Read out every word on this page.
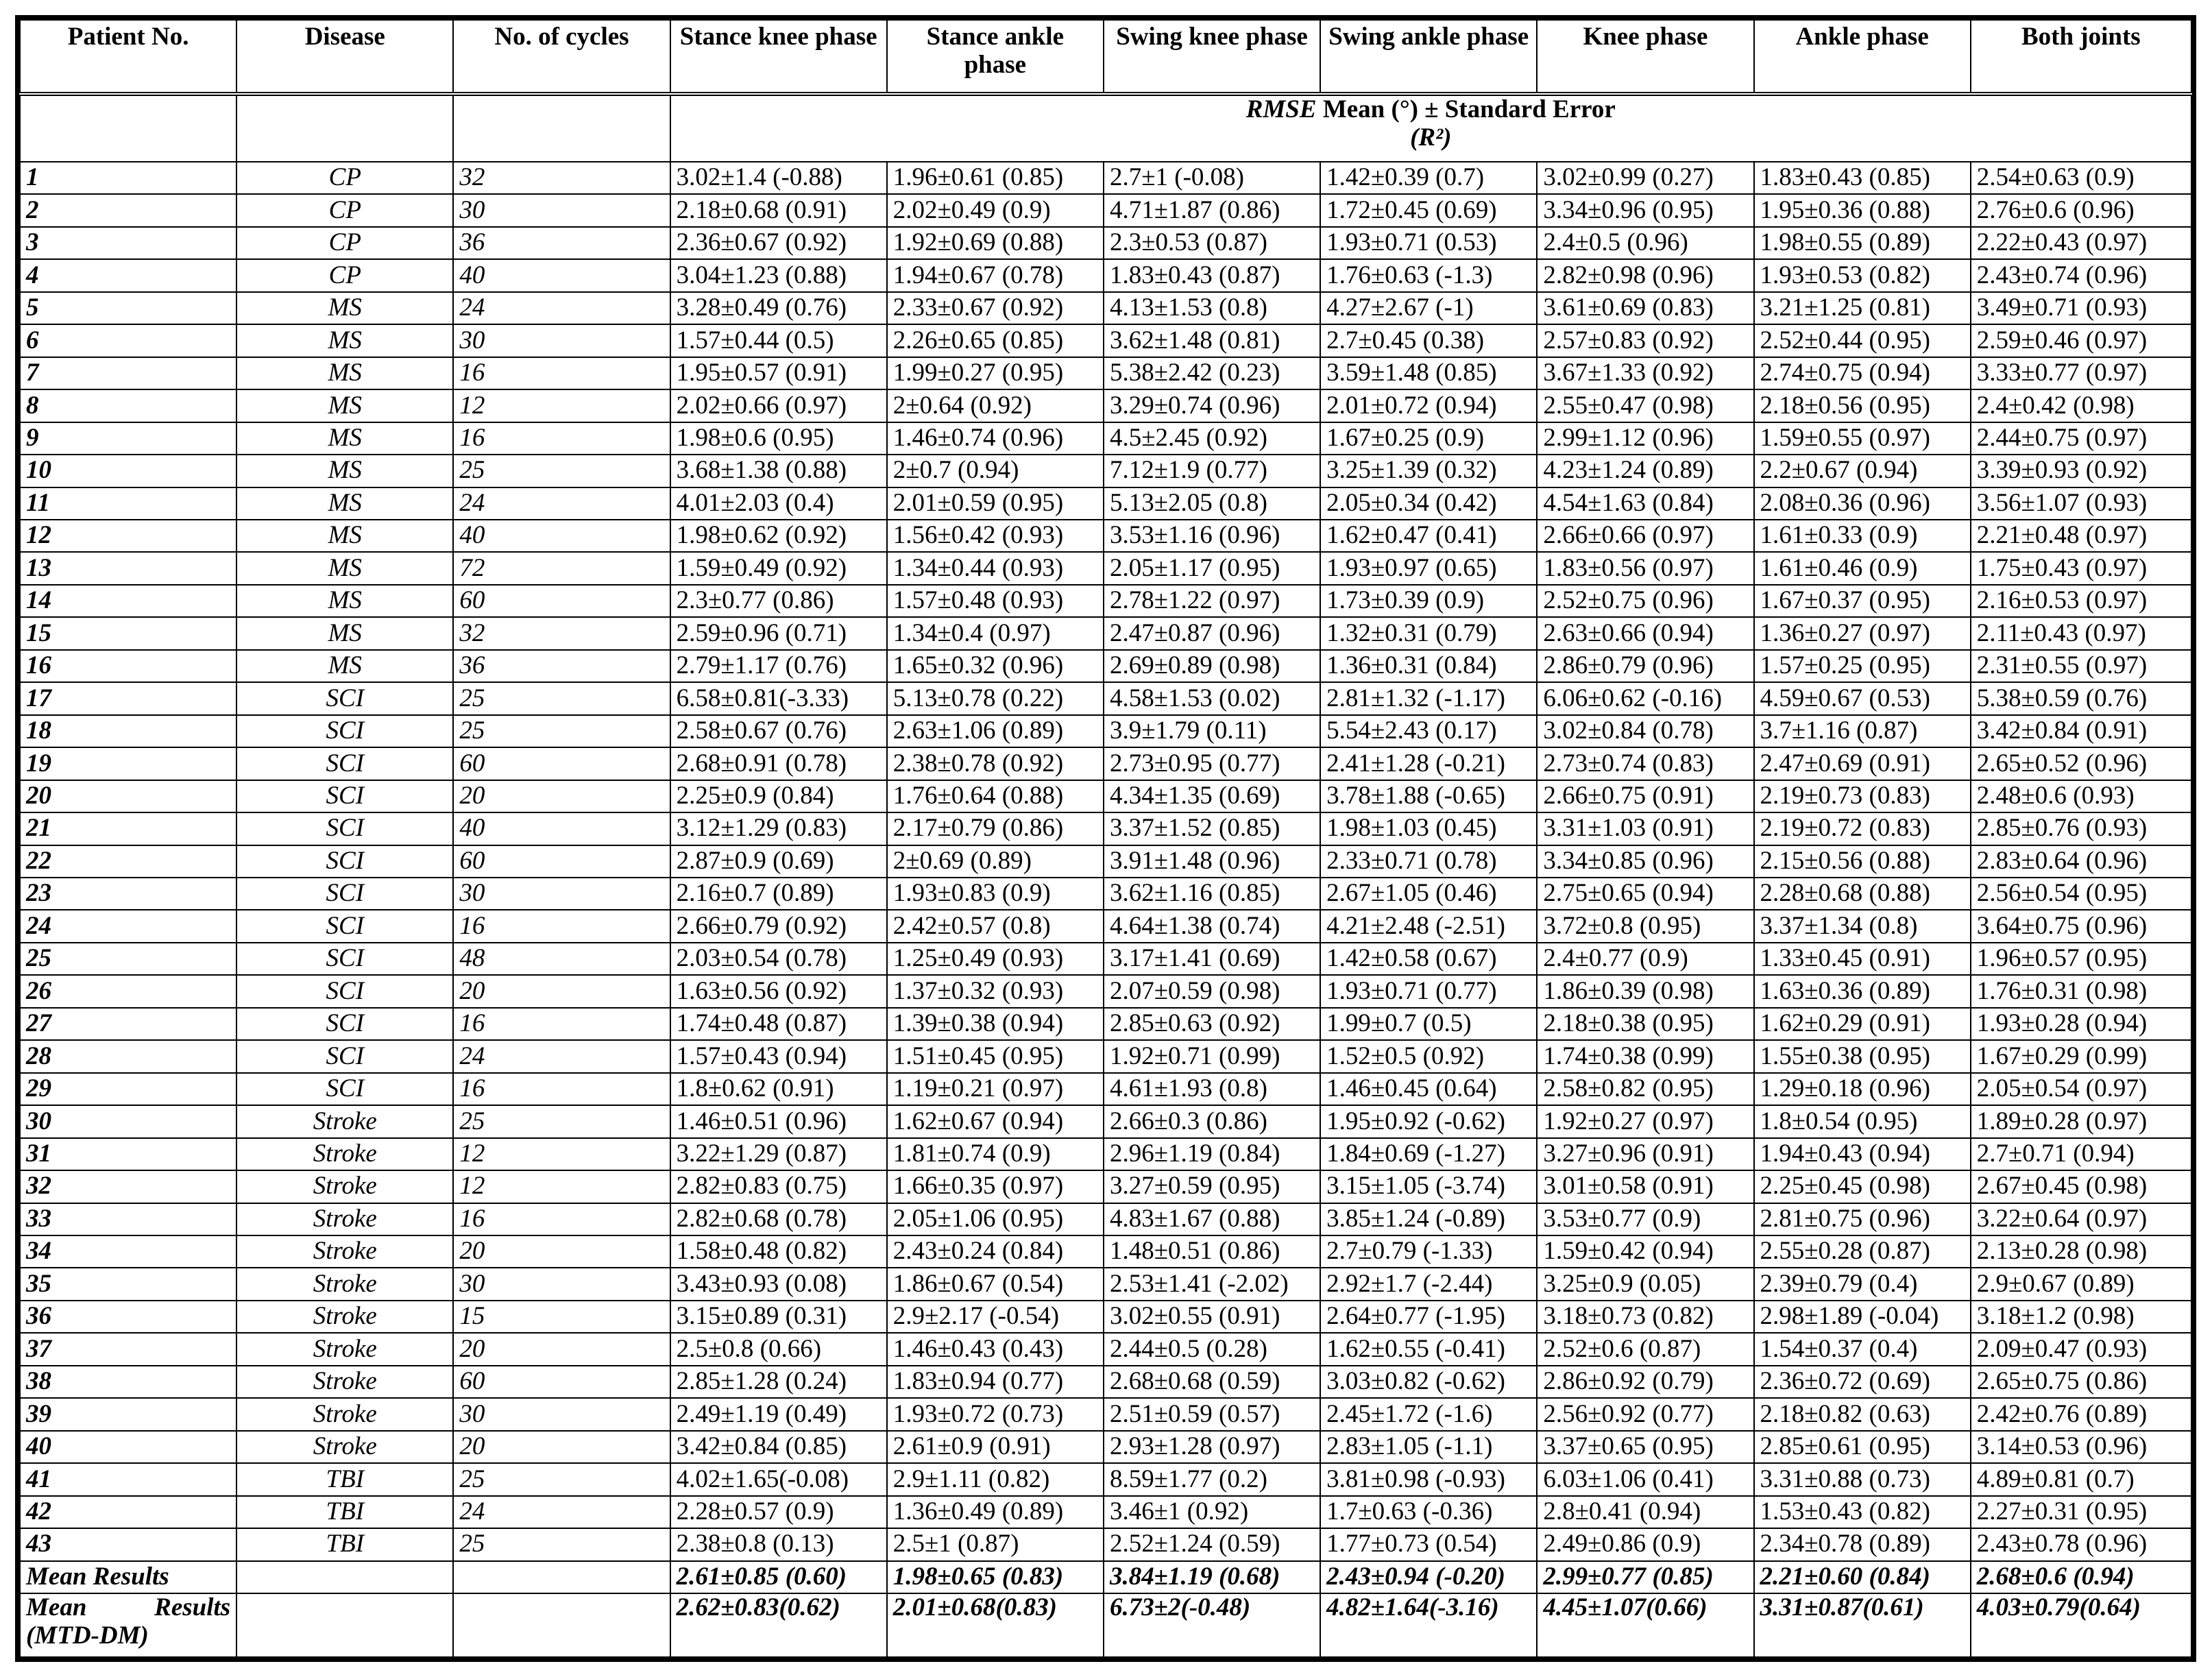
Patient No.	Disease	No. of cycles	Stance knee phase	Stance ankle phase	Swing knee phase	Swing ankle phase	Knee phase	Ankle phase	Both joints

			RMSE Mean (°) ± Standard Error
(R²)						

1	CP	32	3.02±1.4 (-0.88)	1.96±0.61 (0.85)	2.7±1 (-0.08)	1.42±0.39 (0.7)	3.02±0.99 (0.27)	1.83±0.43 (0.85)	2.54±0.63 (0.9)
2	CP	30	2.18±0.68 (0.91)	2.02±0.49 (0.9)	4.71±1.87 (0.86)	1.72±0.45 (0.69)	3.34±0.96 (0.95)	1.95±0.36 (0.88)	2.76±0.6 (0.96)
3	CP	36	2.36±0.67 (0.92)	1.92±0.69 (0.88)	2.3±0.53 (0.87)	1.93±0.71 (0.53)	2.4±0.5 (0.96)	1.98±0.55 (0.89)	2.22±0.43 (0.97)
4	CP	40	3.04±1.23 (0.88)	1.94±0.67 (0.78)	1.83±0.43 (0.87)	1.76±0.63 (-1.3)	2.82±0.98 (0.96)	1.93±0.53 (0.82)	2.43±0.74 (0.96)
5	MS	24	3.28±0.49 (0.76)	2.33±0.67 (0.92)	4.13±1.53 (0.8)	4.27±2.67 (-1)	3.61±0.69 (0.83)	3.21±1.25 (0.81)	3.49±0.71 (0.93)
6	MS	30	1.57±0.44 (0.5)	2.26±0.65 (0.85)	3.62±1.48 (0.81)	2.7±0.45 (0.38)	2.57±0.83 (0.92)	2.52±0.44 (0.95)	2.59±0.46 (0.97)
7	MS	16	1.95±0.57 (0.91)	1.99±0.27 (0.95)	5.38±2.42 (0.23)	3.59±1.48 (0.85)	3.67±1.33 (0.92)	2.74±0.75 (0.94)	3.33±0.77 (0.97)
8	MS	12	2.02±0.66 (0.97)	2±0.64 (0.92)	3.29±0.74 (0.96)	2.01±0.72 (0.94)	2.55±0.47 (0.98)	2.18±0.56 (0.95)	2.4±0.42 (0.98)
9	MS	16	1.98±0.6 (0.95)	1.46±0.74 (0.96)	4.5±2.45 (0.92)	1.67±0.25 (0.9)	2.99±1.12 (0.96)	1.59±0.55 (0.97)	2.44±0.75 (0.97)
10	MS	25	3.68±1.38 (0.88)	2±0.7 (0.94)	7.12±1.9 (0.77)	3.25±1.39 (0.32)	4.23±1.24 (0.89)	2.2±0.67 (0.94)	3.39±0.93 (0.92)
11	MS	24	4.01±2.03 (0.4)	2.01±0.59 (0.95)	5.13±2.05 (0.8)	2.05±0.34 (0.42)	4.54±1.63 (0.84)	2.08±0.36 (0.96)	3.56±1.07 (0.93)
12	MS	40	1.98±0.62 (0.92)	1.56±0.42 (0.93)	3.53±1.16 (0.96)	1.62±0.47 (0.41)	2.66±0.66 (0.97)	1.61±0.33 (0.9)	2.21±0.48 (0.97)
13	MS	72	1.59±0.49 (0.92)	1.34±0.44 (0.93)	2.05±1.17 (0.95)	1.93±0.97 (0.65)	1.83±0.56 (0.97)	1.61±0.46 (0.9)	1.75±0.43 (0.97)
14	MS	60	2.3±0.77 (0.86)	1.57±0.48 (0.93)	2.78±1.22 (0.97)	1.73±0.39 (0.9)	2.52±0.75 (0.96)	1.67±0.37 (0.95)	2.16±0.53 (0.97)
15	MS	32	2.59±0.96 (0.71)	1.34±0.4 (0.97)	2.47±0.87 (0.96)	1.32±0.31 (0.79)	2.63±0.66 (0.94)	1.36±0.27 (0.97)	2.11±0.43 (0.97)
16	MS	36	2.79±1.17 (0.76)	1.65±0.32 (0.96)	2.69±0.89 (0.98)	1.36±0.31 (0.84)	2.86±0.79 (0.96)	1.57±0.25 (0.95)	2.31±0.55 (0.97)
17	SCI	25	6.58±0.81(-3.33)	5.13±0.78 (0.22)	4.58±1.53 (0.02)	2.81±1.32 (-1.17)	6.06±0.62 (-0.16)	4.59±0.67 (0.53)	5.38±0.59 (0.76)
18	SCI	25	2.58±0.67 (0.76)	2.63±1.06 (0.89)	3.9±1.79 (0.11)	5.54±2.43 (0.17)	3.02±0.84 (0.78)	3.7±1.16 (0.87)	3.42±0.84 (0.91)
19	SCI	60	2.68±0.91 (0.78)	2.38±0.78 (0.92)	2.73±0.95 (0.77)	2.41±1.28 (-0.21)	2.73±0.74 (0.83)	2.47±0.69 (0.91)	2.65±0.52 (0.96)
20	SCI	20	2.25±0.9 (0.84)	1.76±0.64 (0.88)	4.34±1.35 (0.69)	3.78±1.88 (-0.65)	2.66±0.75 (0.91)	2.19±0.73 (0.83)	2.48±0.6 (0.93)
21	SCI	40	3.12±1.29 (0.83)	2.17±0.79 (0.86)	3.37±1.52 (0.85)	1.98±1.03 (0.45)	3.31±1.03 (0.91)	2.19±0.72 (0.83)	2.85±0.76 (0.93)
22	SCI	60	2.87±0.9 (0.69)	2±0.69 (0.89)	3.91±1.48 (0.96)	2.33±0.71 (0.78)	3.34±0.85 (0.96)	2.15±0.56 (0.88)	2.83±0.64 (0.96)
23	SCI	30	2.16±0.7 (0.89)	1.93±0.83 (0.9)	3.62±1.16 (0.85)	2.67±1.05 (0.46)	2.75±0.65 (0.94)	2.28±0.68 (0.88)	2.56±0.54 (0.95)
24	SCI	16	2.66±0.79 (0.92)	2.42±0.57 (0.8)	4.64±1.38 (0.74)	4.21±2.48 (-2.51)	3.72±0.8 (0.95)	3.37±1.34 (0.8)	3.64±0.75 (0.96)
25	SCI	48	2.03±0.54 (0.78)	1.25±0.49 (0.93)	3.17±1.41 (0.69)	1.42±0.58 (0.67)	2.4±0.77 (0.9)	1.33±0.45 (0.91)	1.96±0.57 (0.95)
26	SCI	20	1.63±0.56 (0.92)	1.37±0.32 (0.93)	2.07±0.59 (0.98)	1.93±0.71 (0.77)	1.86±0.39 (0.98)	1.63±0.36 (0.89)	1.76±0.31 (0.98)
27	SCI	16	1.74±0.48 (0.87)	1.39±0.38 (0.94)	2.85±0.63 (0.92)	1.99±0.7 (0.5)	2.18±0.38 (0.95)	1.62±0.29 (0.91)	1.93±0.28 (0.94)
28	SCI	24	1.57±0.43 (0.94)	1.51±0.45 (0.95)	1.92±0.71 (0.99)	1.52±0.5 (0.92)	1.74±0.38 (0.99)	1.55±0.38 (0.95)	1.67±0.29 (0.99)
29	SCI	16	1.8±0.62 (0.91)	1.19±0.21 (0.97)	4.61±1.93 (0.8)	1.46±0.45 (0.64)	2.58±0.82 (0.95)	1.29±0.18 (0.96)	2.05±0.54 (0.97)
30	Stroke	25	1.46±0.51 (0.96)	1.62±0.67 (0.94)	2.66±0.3 (0.86)	1.95±0.92 (-0.62)	1.92±0.27 (0.97)	1.8±0.54 (0.95)	1.89±0.28 (0.97)
31	Stroke	12	3.22±1.29 (0.87)	1.81±0.74 (0.9)	2.96±1.19 (0.84)	1.84±0.69 (-1.27)	3.27±0.96 (0.91)	1.94±0.43 (0.94)	2.7±0.71 (0.94)
32	Stroke	12	2.82±0.83 (0.75)	1.66±0.35 (0.97)	3.27±0.59 (0.95)	3.15±1.05 (-3.74)	3.01±0.58 (0.91)	2.25±0.45 (0.98)	2.67±0.45 (0.98)
33	Stroke	16	2.82±0.68 (0.78)	2.05±1.06 (0.95)	4.83±1.67 (0.88)	3.85±1.24 (-0.89)	3.53±0.77 (0.9)	2.81±0.75 (0.96)	3.22±0.64 (0.97)
34	Stroke	20	1.58±0.48 (0.82)	2.43±0.24 (0.84)	1.48±0.51 (0.86)	2.7±0.79 (-1.33)	1.59±0.42 (0.94)	2.55±0.28 (0.87)	2.13±0.28 (0.98)
35	Stroke	30	3.43±0.93 (0.08)	1.86±0.67 (0.54)	2.53±1.41 (-2.02)	2.92±1.7 (-2.44)	3.25±0.9 (0.05)	2.39±0.79 (0.4)	2.9±0.67 (0.89)
36	Stroke	15	3.15±0.89 (0.31)	2.9±2.17 (-0.54)	3.02±0.55 (0.91)	2.64±0.77 (-1.95)	3.18±0.73 (0.82)	2.98±1.89 (-0.04)	3.18±1.2 (0.98)
37	Stroke	20	2.5±0.8 (0.66)	1.46±0.43 (0.43)	2.44±0.5 (0.28)	1.62±0.55 (-0.41)	2.52±0.6 (0.87)	1.54±0.37 (0.4)	2.09±0.47 (0.93)
38	Stroke	60	2.85±1.28 (0.24)	1.83±0.94 (0.77)	2.68±0.68 (0.59)	3.03±0.82 (-0.62)	2.86±0.92 (0.79)	2.36±0.72 (0.69)	2.65±0.75 (0.86)
39	Stroke	30	2.49±1.19 (0.49)	1.93±0.72 (0.73)	2.51±0.59 (0.57)	2.45±1.72 (-1.6)	2.56±0.92 (0.77)	2.18±0.82 (0.63)	2.42±0.76 (0.89)
40	Stroke	20	3.42±0.84 (0.85)	2.61±0.9 (0.91)	2.93±1.28 (0.97)	2.83±1.05 (-1.1)	3.37±0.65 (0.95)	2.85±0.61 (0.95)	3.14±0.53 (0.96)
41	TBI	25	4.02±1.65(-0.08)	2.9±1.11 (0.82)	8.59±1.77 (0.2)	3.81±0.98 (-0.93)	6.03±1.06 (0.41)	3.31±0.88 (0.73)	4.89±0.81 (0.7)
42	TBI	24	2.28±0.57 (0.9)	1.36±0.49 (0.89)	3.46±1 (0.92)	1.7±0.63 (-0.36)	2.8±0.41 (0.94)	1.53±0.43 (0.82)	2.27±0.31 (0.95)
43	TBI	25	2.38±0.8 (0.13)	2.5±1 (0.87)	2.52±1.24 (0.59)	1.77±0.73 (0.54)	2.49±0.86 (0.9)	2.34±0.78 (0.89)	2.43±0.78 (0.96)
Mean Results			2.61±0.85 (0.60)	1.98±0.65 (0.83)	3.84±1.19 (0.68)	2.43±0.94 (-0.20)	2.99±0.77 (0.85)	2.21±0.60 (0.84)	2.68±0.6 (0.94)

Mean Results
(MTD-DM)			2.62±0.83(0.62)	2.01±0.68(0.83)	6.73±2(-0.48)	4.82±1.64(-3.16)	4.45±1.07(0.66)	3.31±0.87(0.61)	4.03±0.79(0.64)
